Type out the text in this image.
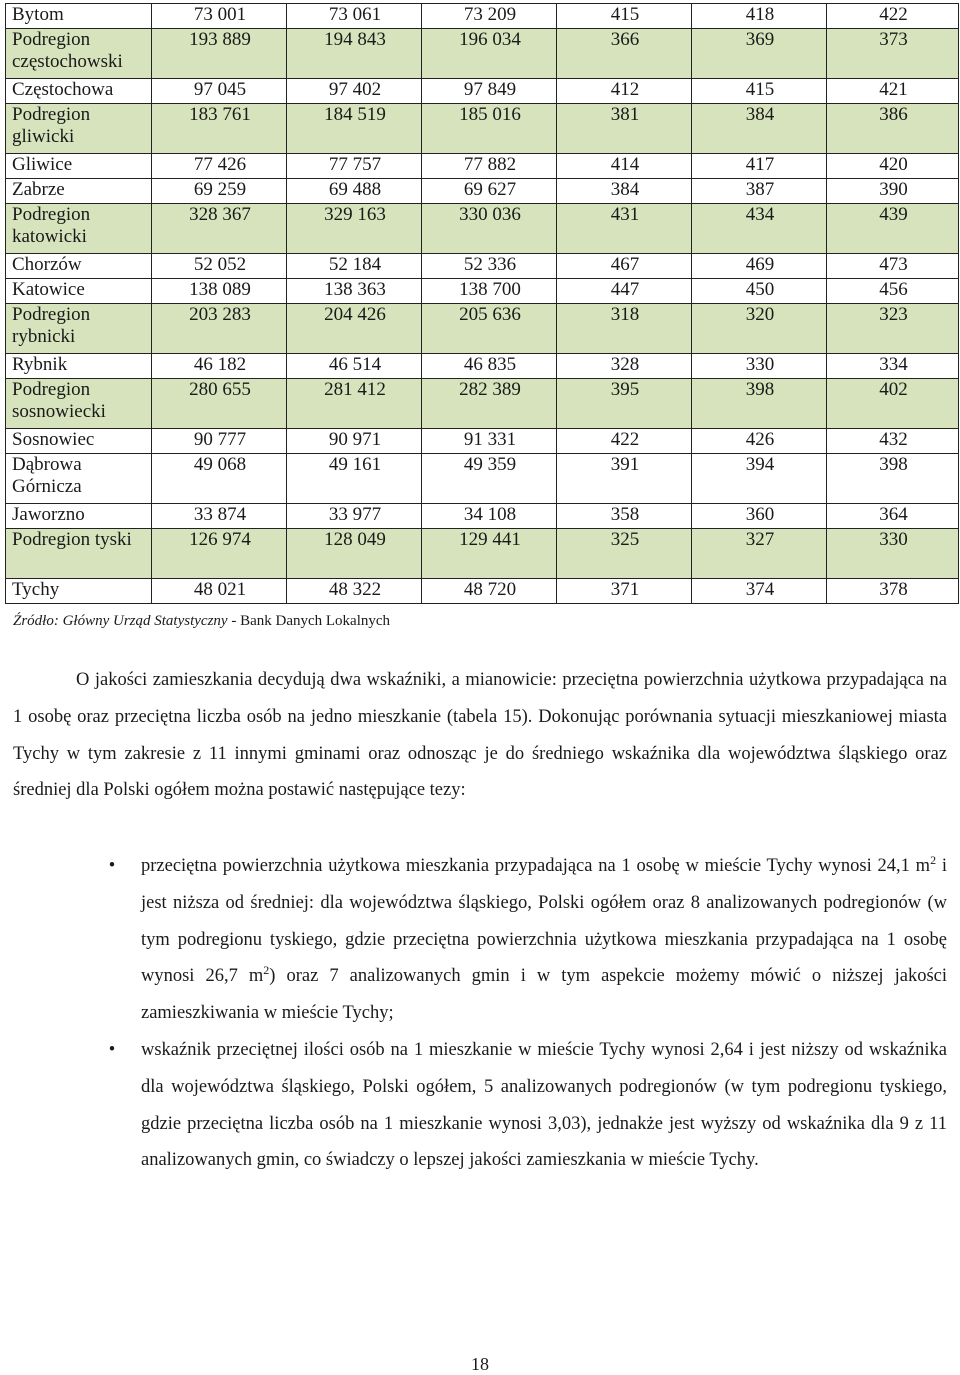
Bytom	73 001	73 061	73 209	415	418	422
Podregion częstochowski	193 889	194 843	196 034	366	369	373
Częstochowa	97 045	97 402	97 849	412	415	421
Podregion gliwicki	183 761	184 519	185 016	381	384	386
Gliwice	77 426	77 757	77 882	414	417	420
Zabrze	69 259	69 488	69 627	384	387	390
Podregion katowicki	328 367	329 163	330 036	431	434	439
Chorzów	52 052	52 184	52 336	467	469	473
Katowice	138 089	138 363	138 700	447	450	456
Podregion rybnicki	203 283	204 426	205 636	318	320	323
Rybnik	46 182	46 514	46 835	328	330	334
Podregion sosnowiecki	280 655	281 412	282 389	395	398	402
Sosnowiec	90 777	90 971	91 331	422	426	432
Dąbrowa Górnicza	49 068	49 161	49 359	391	394	398
Jaworzno	33 874	33 977	34 108	358	360	364
Podregion tyski	126 974	128 049	129 441	325	327	330
Tychy	48 021	48 322	48 720	371	374	378
Źródło: Główny Urząd Statystyczny - Bank Danych Lokalnych

O jakości zamieszkania decydują dwa wskaźniki, a mianowicie: przeciętna powierzchnia użytkowa przypadająca na 1 osobę oraz przeciętna liczba osób na jedno mieszkanie (tabela 15). Dokonując porównania sytuacji mieszkaniowej miasta Tychy w tym zakresie z 11 innymi gminami oraz odnosząc je do średniego wskaźnika dla województwa śląskiego oraz średniej dla Polski ogółem można postawić następujące tezy:

• przeciętna powierzchnia użytkowa mieszkania przypadająca na 1 osobę w mieście Tychy wynosi 24,1 $m^2$ i jest niższa od średniej: dla województwa śląskiego, Polski ogółem oraz 8 analizowanych podregionów (w tym podregionu tyskiego, gdzie przeciętna powierzchnia użytkowa mieszkania przypadająca na 1 osobę wynosi 26,7 $m^2$) oraz 7 analizowanych gmin i w tym aspekcie możemy mówić o niższej jakości zamieszkiwania w mieście Tychy;
• wskaźnik przeciętnej ilości osób na 1 mieszkanie w mieście Tychy wynosi 2,64 i jest niższy od wskaźnika dla województwa śląskiego, Polski ogółem, 5 analizowanych podregionów (w tym podregionu tyskiego, gdzie przeciętna liczba osób na 1 mieszkanie wynosi 3,03), jednakże jest wyższy od wskaźnika dla 9 z 11 analizowanych gmin, co świadczy o lepszej jakości zamieszkania w mieście Tychy.
18
